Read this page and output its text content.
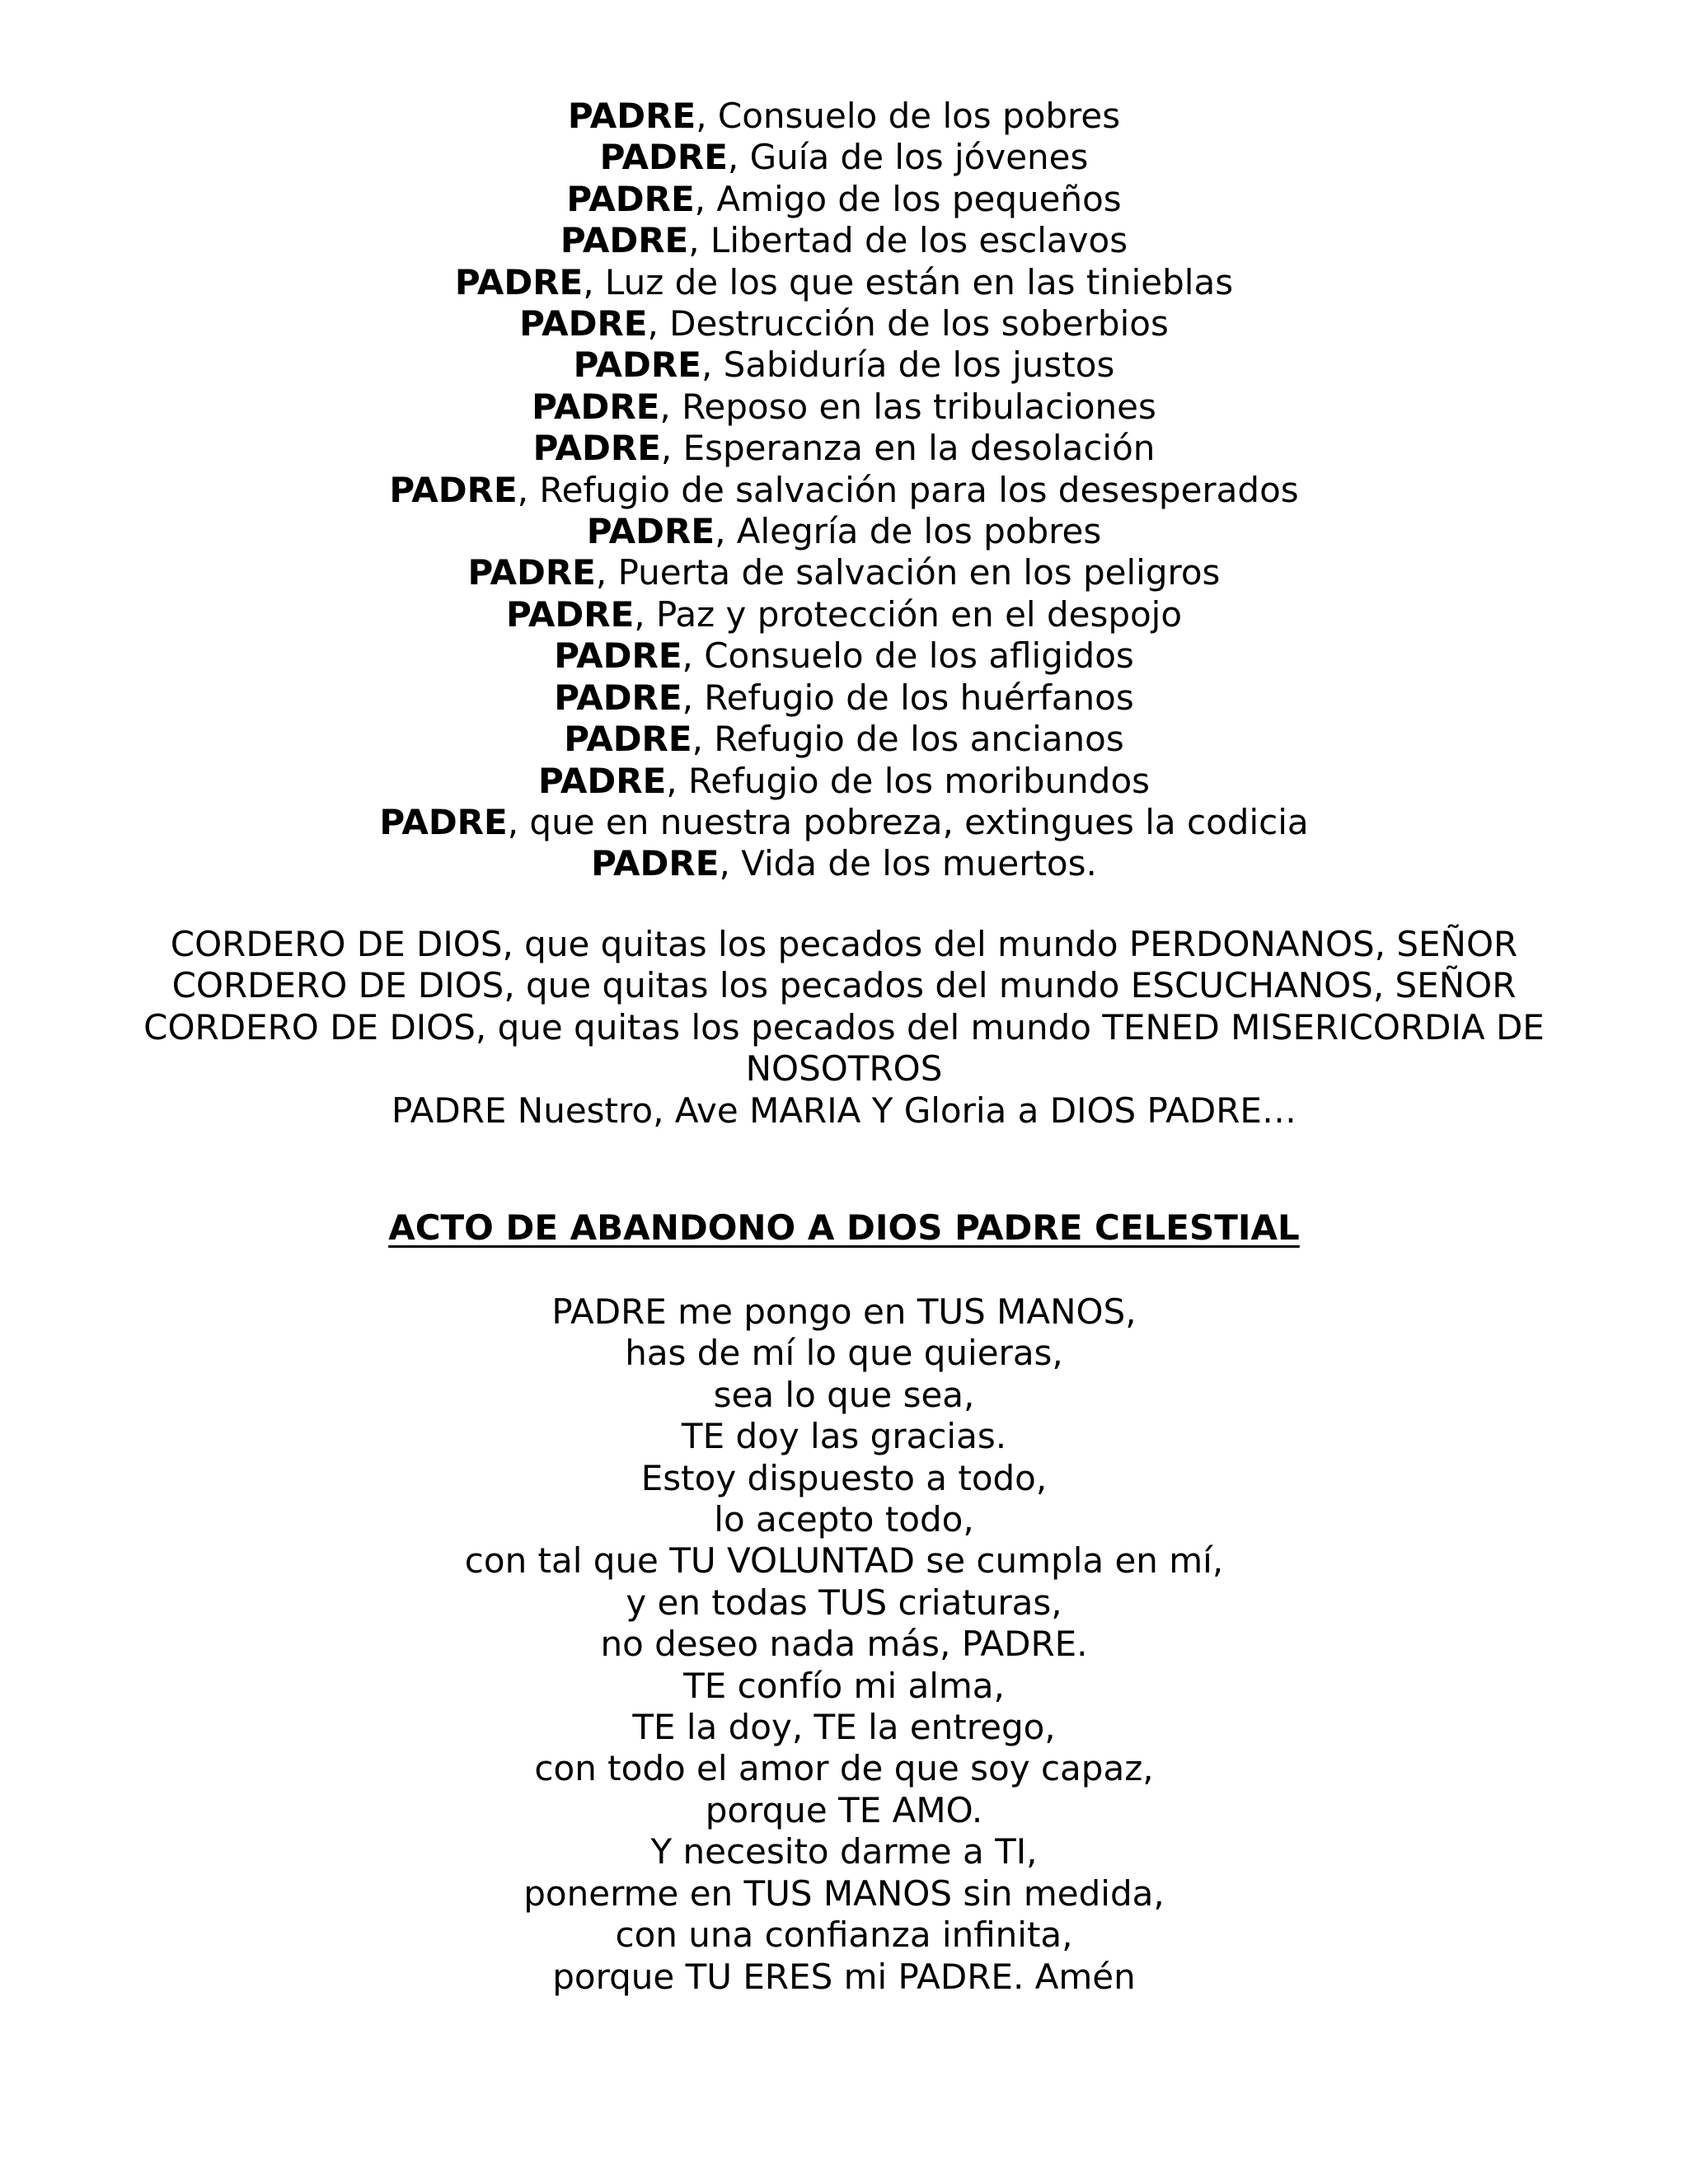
PADRE, Consuelo de los pobres
PADRE, Guía de los jóvenes
PADRE, Amigo de los pequeños
PADRE, Libertad de los esclavos
PADRE, Luz de los que están en las tinieblas
PADRE, Destrucción de los soberbios
PADRE, Sabiduría de los justos
PADRE, Reposo en las tribulaciones
PADRE, Esperanza en la desolación
PADRE, Refugio de salvación para los desesperados
PADRE, Alegría de los pobres
PADRE, Puerta de salvación en los peligros
PADRE, Paz y protección en el despojo
PADRE, Consuelo de los afligidos
PADRE, Refugio de los huérfanos
PADRE, Refugio de los ancianos
PADRE, Refugio de los moribundos
PADRE, que en nuestra pobreza, extingues la codicia
PADRE, Vida de los muertos.
CORDERO DE DIOS, que quitas los pecados del mundo PERDONANOS, SEÑOR
CORDERO DE DIOS, que quitas los pecados del mundo ESCUCHANOS, SEÑOR
CORDERO DE DIOS, que quitas los pecados del mundo TENED MISERICORDIA DE
NOSOTROS
PADRE Nuestro, Ave MARIA Y Gloria a DIOS PADRE…
ACTO DE ABANDONO A DIOS PADRE CELESTIAL
PADRE me pongo en TUS MANOS,
has de mí lo que quieras,
sea lo que sea,
TE doy las gracias.
Estoy dispuesto a todo,
lo acepto todo,
con tal que TU VOLUNTAD se cumpla en mí,
y en todas TUS criaturas,
no deseo nada más, PADRE.
TE confío mi alma,
TE la doy, TE la entrego,
con todo el amor de que soy capaz,
porque TE AMO.
Y necesito darme a TI,
ponerme en TUS MANOS sin medida,
con una confianza infinita,
porque TU ERES mi PADRE. Amén
